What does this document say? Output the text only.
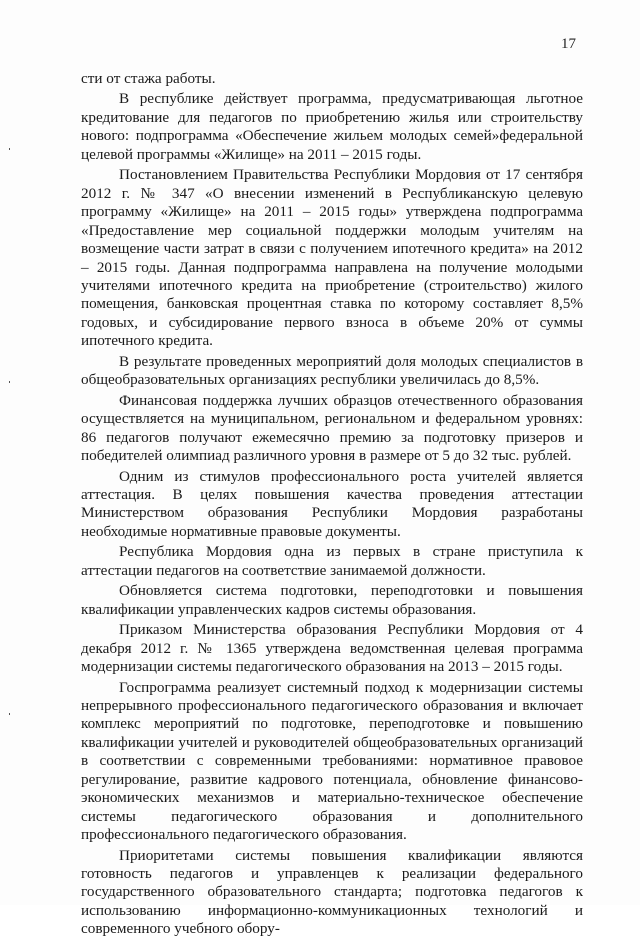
17

сти от стажа работы.

В республике действует программа, предусматривающая льготное кредитование для педагогов по приобретению жилья или строительству нового: подпрограмма «Обеспечение жильем молодых семей»федеральной целевой программы «Жилище» на 2011 – 2015 годы.

Постановлением Правительства Республики Мордовия от 17 сентября 2012 г. № 347 «О внесении изменений в Республиканскую целевую программу «Жилище» на 2011 – 2015 годы» утверждена подпрограмма «Предоставление мер социальной поддержки молодым учителям на возмещение части затрат в связи с получением ипотечного кредита» на 2012 – 2015 годы. Данная подпрограмма направлена на получение молодыми учителями ипотечного кредита на приобретение (строительство) жилого помещения, банковская процентная ставка по которому составляет 8,5% годовых, и субсидирование первого взноса в объеме 20% от суммы ипотечного кредита.

В результате проведенных мероприятий доля молодых специалистов в общеобразовательных организациях республики увеличилась до 8,5%.

Финансовая поддержка лучших образцов отечественного образования осуществляется на муниципальном, региональном и федеральном уровнях: 86 педагогов получают ежемесячно премию за подготовку призеров и победителей олимпиад различного уровня в размере от 5 до 32 тыс. рублей.

Одним из стимулов профессионального роста учителей является аттестация. В целях повышения качества проведения аттестации Министерством образования Республики Мордовия разработаны необходимые нормативные правовые документы.

Республика Мордовия одна из первых в стране приступила к аттестации педагогов на соответствие занимаемой должности.

Обновляется система подготовки, переподготовки и повышения квалификации управленческих кадров системы образования.

Приказом Министерства образования Республики Мордовия от 4 декабря 2012 г. № 1365 утверждена ведомственная целевая программа модернизации системы педагогического образования на 2013 – 2015 годы.

Госпрограмма реализует системный подход к модернизации системы непрерывного профессионального педагогического образования и включает комплекс мероприятий по подготовке, переподготовке и повышению квалификации учителей и руководителей общеобразовательных организаций в соответствии с современными требованиями: нормативное правовое регулирование, развитие кадрового потенциала, обновление финансово-экономических механизмов и материально-техническое обеспечение системы педагогического образования и дополнительного профессионального педагогического образования.

Приоритетами системы повышения квалификации являются готовность педагогов и управленцев к реализации федерального государственного образовательного стандарта; подготовка педагогов к использованию информационно-коммуникационных технологий и современного учебного обору-
